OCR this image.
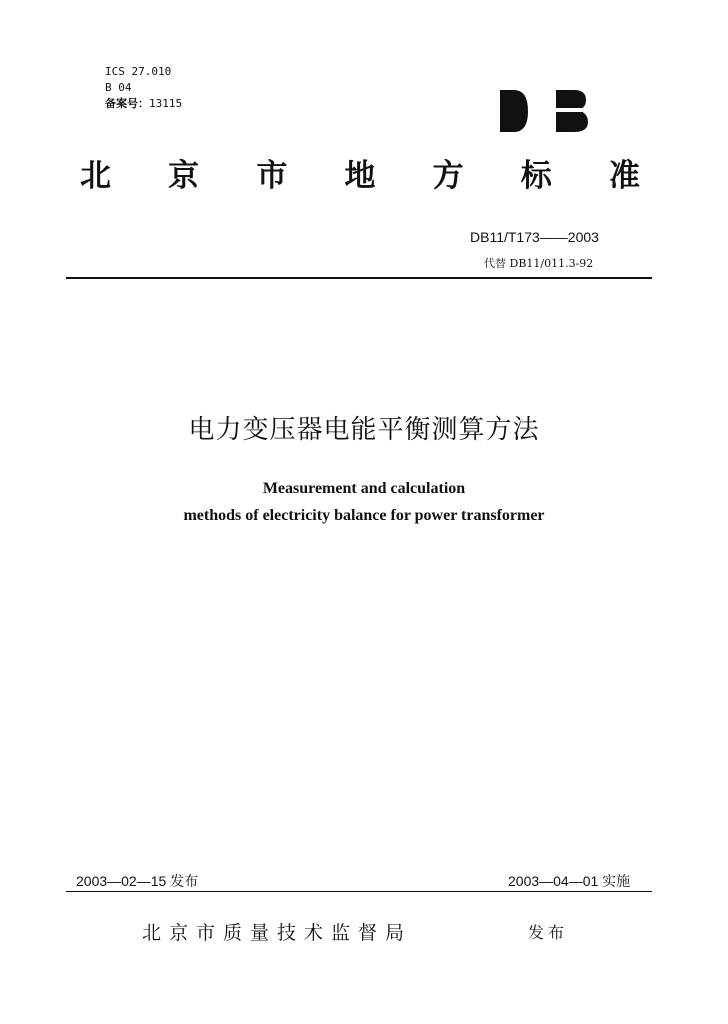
ICS 27.010
B 04
备案号：13115
北 京 市 地 方 标 准
DB11/T173——2003
代替 DB11/011.3-92
电力变压器电能平衡测算方法
Measurement and calculation
methods of electricity balance for power transformer
2003—02—15 发布	2003—04—01 实施
北京市质量技术监督局	发布
